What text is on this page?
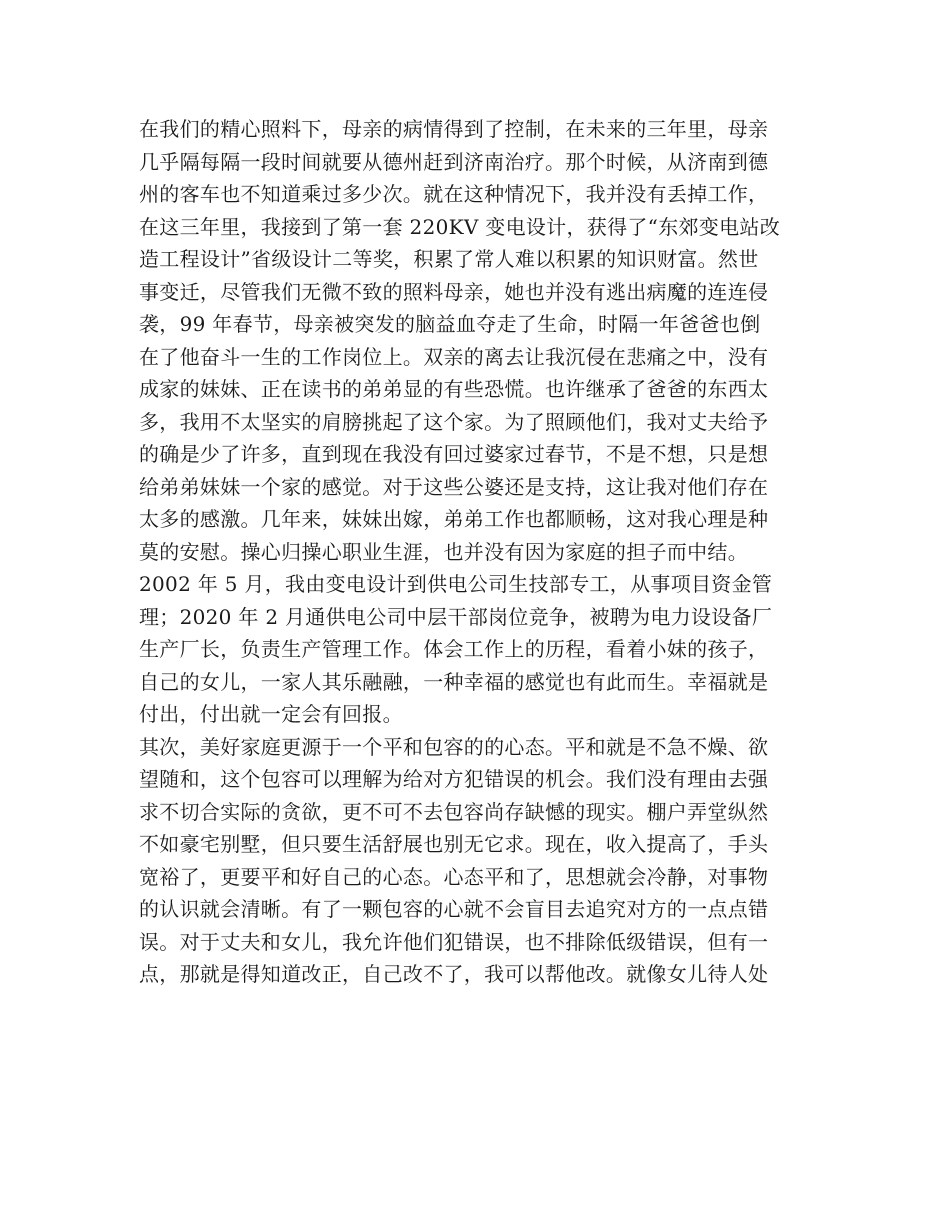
在我们的精心照料下，母亲的病情得到了控制，在未来的三年里，母亲
几乎隔每隔一段时间就要从德州赶到济南治疗。那个时候，从济南到德
州的客车也不知道乘过多少次。就在这种情况下，我并没有丢掉工作，
在这三年里，我接到了第一套 220KV 变电设计，获得了“东郊变电站改
造工程设计”省级设计二等奖，积累了常人难以积累的知识财富。然世
事变迁，尽管我们无微不致的照料母亲，她也并没有逃出病魔的连连侵
袭，99 年春节，母亲被突发的脑益血夺走了生命，时隔一年爸爸也倒
在了他奋斗一生的工作岗位上。双亲的离去让我沉侵在悲痛之中，没有
成家的妹妹、正在读书的弟弟显的有些恐慌。也许继承了爸爸的东西太
多，我用不太坚实的肩膀挑起了这个家。为了照顾他们，我对丈夫给予
的确是少了许多，直到现在我没有回过婆家过春节，不是不想，只是想
给弟弟妹妹一个家的感觉。对于这些公婆还是支持，这让我对他们存在
太多的感激。几年来，妹妹出嫁，弟弟工作也都顺畅，这对我心理是种
莫的安慰。操心归操心职业生涯，也并没有因为家庭的担子而中结。
2002 年 5 月，我由变电设计到供电公司生技部专工，从事项目资金管
理；2020 年 2 月通供电公司中层干部岗位竞争，被聘为电力设设备厂
生产厂长，负责生产管理工作。体会工作上的历程，看着小妹的孩子，
自己的女儿，一家人其乐融融，一种幸福的感觉也有此而生。幸福就是
付出，付出就一定会有回报。
其次，美好家庭更源于一个平和包容的的心态。平和就是不急不燥、欲
望随和，这个包容可以理解为给对方犯错误的机会。我们没有理由去强
求不切合实际的贪欲，更不可不去包容尚存缺憾的现实。棚户弄堂纵然
不如豪宅别墅，但只要生活舒展也别无它求。现在，收入提高了，手头
宽裕了，更要平和好自己的心态。心态平和了，思想就会冷静，对事物
的认识就会清晰。有了一颗包容的心就不会盲目去追究对方的一点点错
误。对于丈夫和女儿，我允许他们犯错误，也不排除低级错误，但有一
点，那就是得知道改正，自己改不了，我可以帮他改。就像女儿待人处
